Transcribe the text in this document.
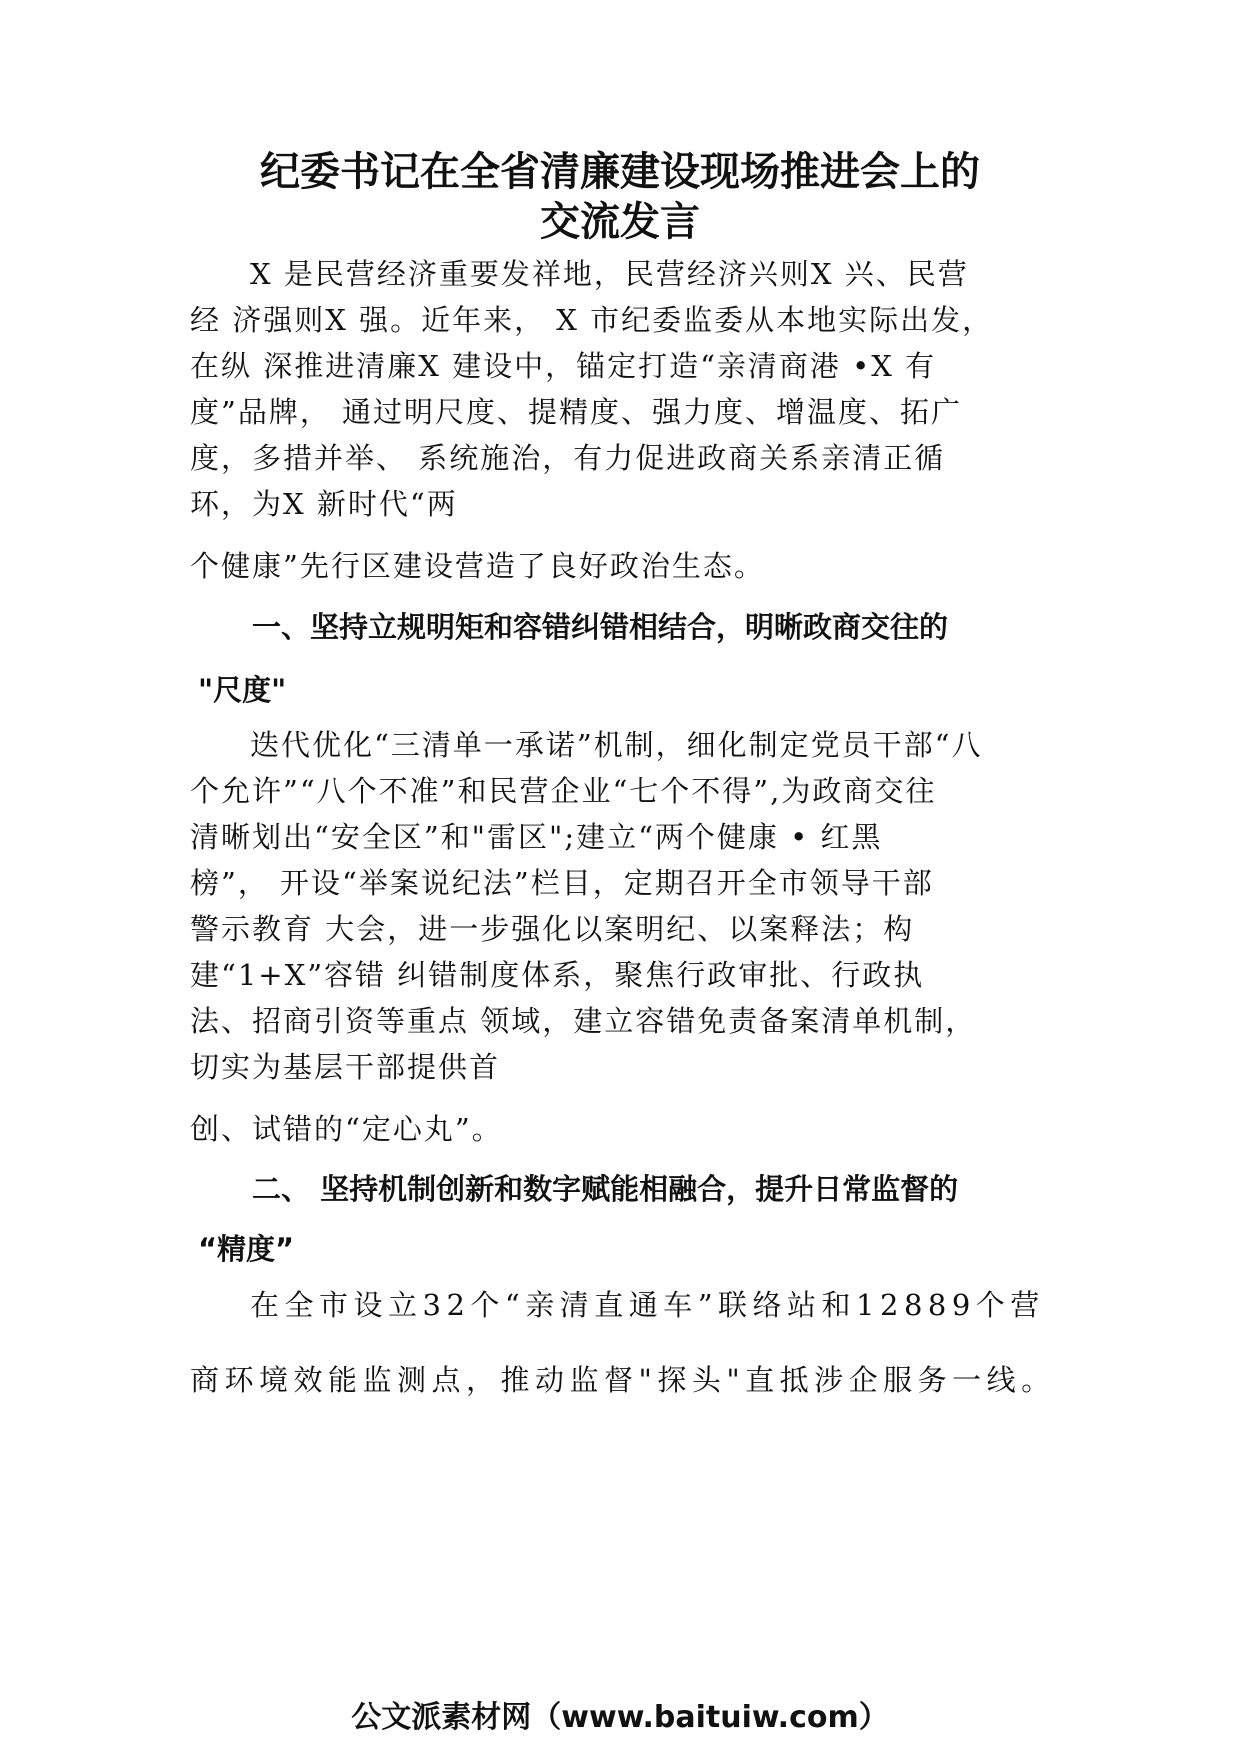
纪委书记在全省清廉建设现场推进会上的
交流发言
X 是民营经济重要发祥地，民营经济兴则X 兴、民营
经 济强则X 强。近年来， X 市纪委监委从本地实际出发，
在纵 深推进清廉X 建设中，锚定打造“亲清商港 •X 有
度”品牌， 通过明尺度、提精度、强力度、增温度、拓广
度，多措并举、 系统施治，有力促进政商关系亲清正循
环，为X 新时代“两
个健康”先行区建设营造了良好政治生态。
一、坚持立规明矩和容错纠错相结合，明晰政商交往的
"尺度"
迭代优化“三清单一承诺”机制，细化制定党员干部“八
个允许”“八个不准”和民营企业“七个不得”,为政商交往
清晰划出“安全区”和"雷区";建立“两个健康 • 红黑
榜”， 开设“举案说纪法”栏目，定期召开全市领导干部
警示教育 大会，进一步强化以案明纪、以案释法；构
建“1+X”容错 纠错制度体系，聚焦行政审批、行政执
法、招商引资等重点 领域，建立容错免责备案清单机制，
切实为基层干部提供首
创、试错的“定心丸”。
二、 坚持机制创新和数字赋能相融合，提升日常监督的
“精度”
在全市设立32个“亲清直通车”联络站和12889个营
商环境效能监测点，推动监督"探头"直抵涉企服务一线。
公文派素材网（www.baituiw.com）
